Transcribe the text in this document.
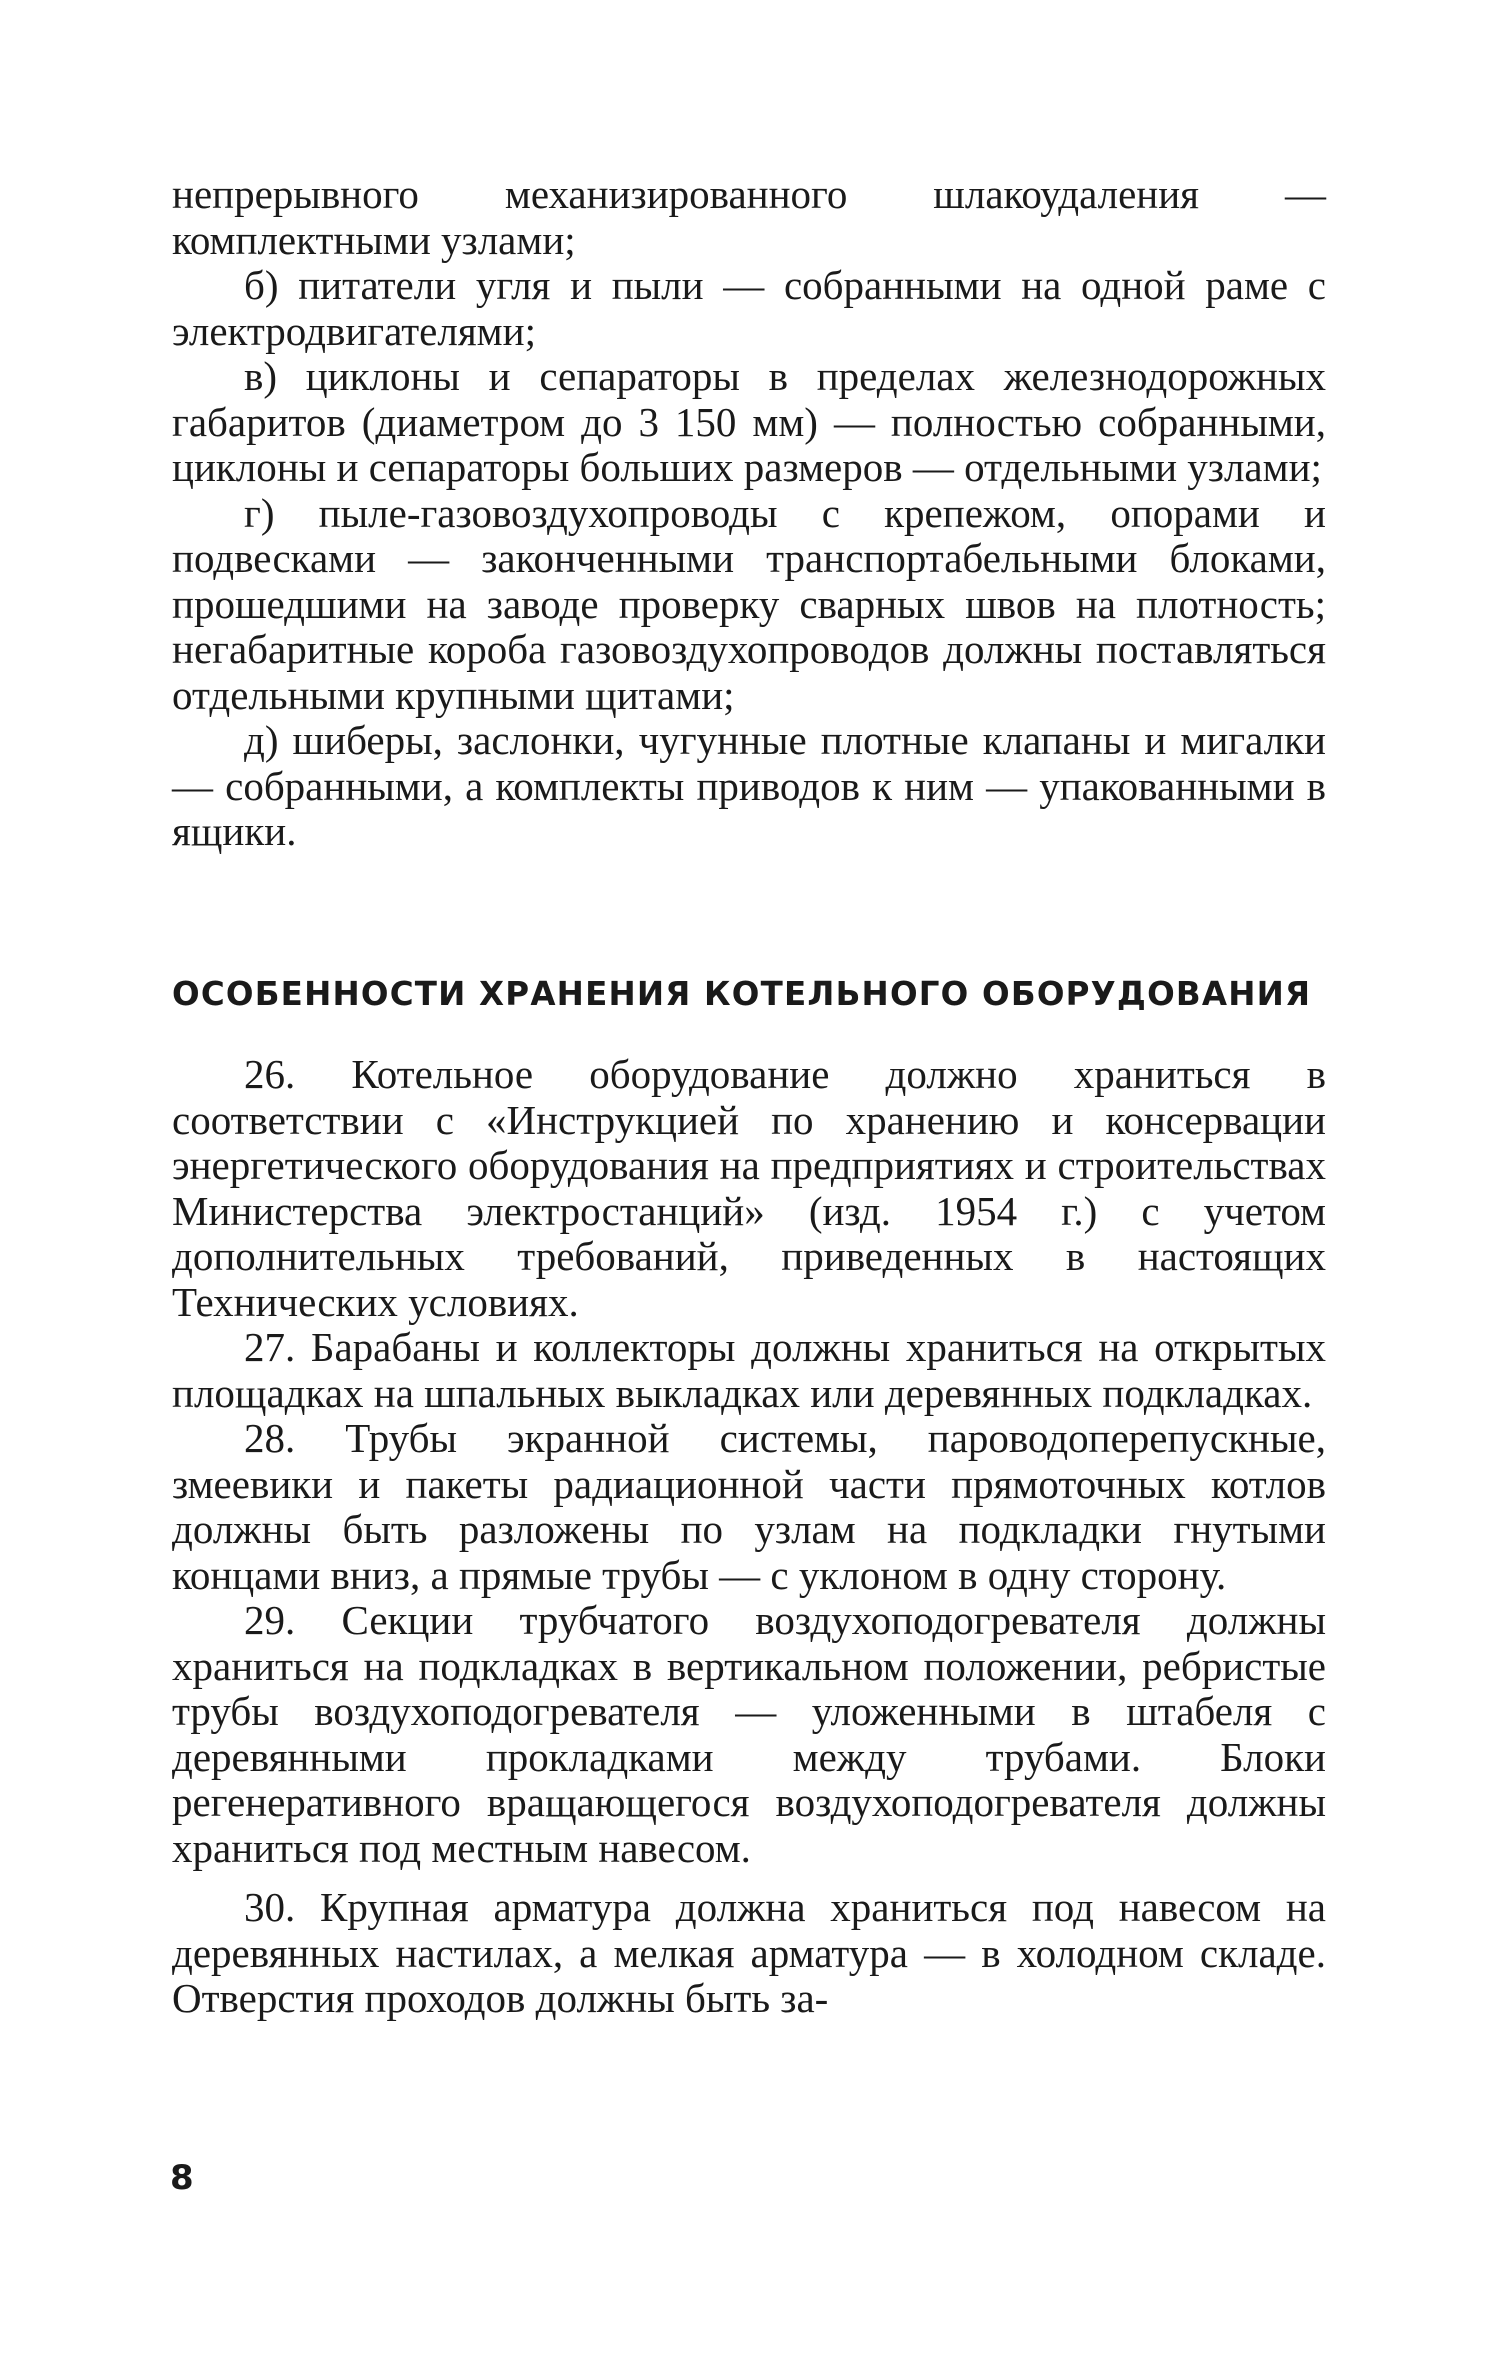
непрерывного механизированного шлакоудаления — комплектными узлами;

б) питатели угля и пыли — собранными на одной раме с электродвигателями;

в) циклоны и сепараторы в пределах железнодорожных габаритов (диаметром до 3 150 мм) — полностью собранными, циклоны и сепараторы больших размеров — отдельными узлами;

г) пыле-газовоздухопроводы с крепежом, опорами и подвесками — законченными транспортабельными блоками, прошедшими на заводе проверку сварных швов на плотность; негабаритные короба газовоздухопроводов должны поставляться отдельными крупными щитами;

д) шиберы, заслонки, чугунные плотные клапаны и мигалки — собранными, а комплекты приводов к ним — упакованными в ящики.

ОСОБЕННОСТИ ХРАНЕНИЯ КОТЕЛЬНОГО ОБОРУДОВАНИЯ

26. Котельное оборудование должно храниться в соответствии с «Инструкцией по хранению и консервации энергетического оборудования на предприятиях и строительствах Министерства электростанций» (изд. 1954 г.) с учетом дополнительных требований, приведенных в настоящих Технических условиях.

27. Барабаны и коллекторы должны храниться на открытых площадках на шпальных выкладках или деревянных подкладках.

28. Трубы экранной системы, пароводоперепускные, змеевики и пакеты радиационной части прямоточных котлов должны быть разложены по узлам на подкладки гнутыми концами вниз, а прямые трубы — с уклоном в одну сторону.

29. Секции трубчатого воздухоподогревателя должны храниться на подкладках в вертикальном положении, ребристые трубы воздухоподогревателя — уложенными в штабеля с деревянными прокладками между трубами. Блоки регенеративного вращающегося воздухоподогревателя должны храниться под местным навесом.

30. Крупная арматура должна храниться под навесом на деревянных настилах, а мелкая арматура — в холодном складе. Отверстия проходов должны быть за-

8
